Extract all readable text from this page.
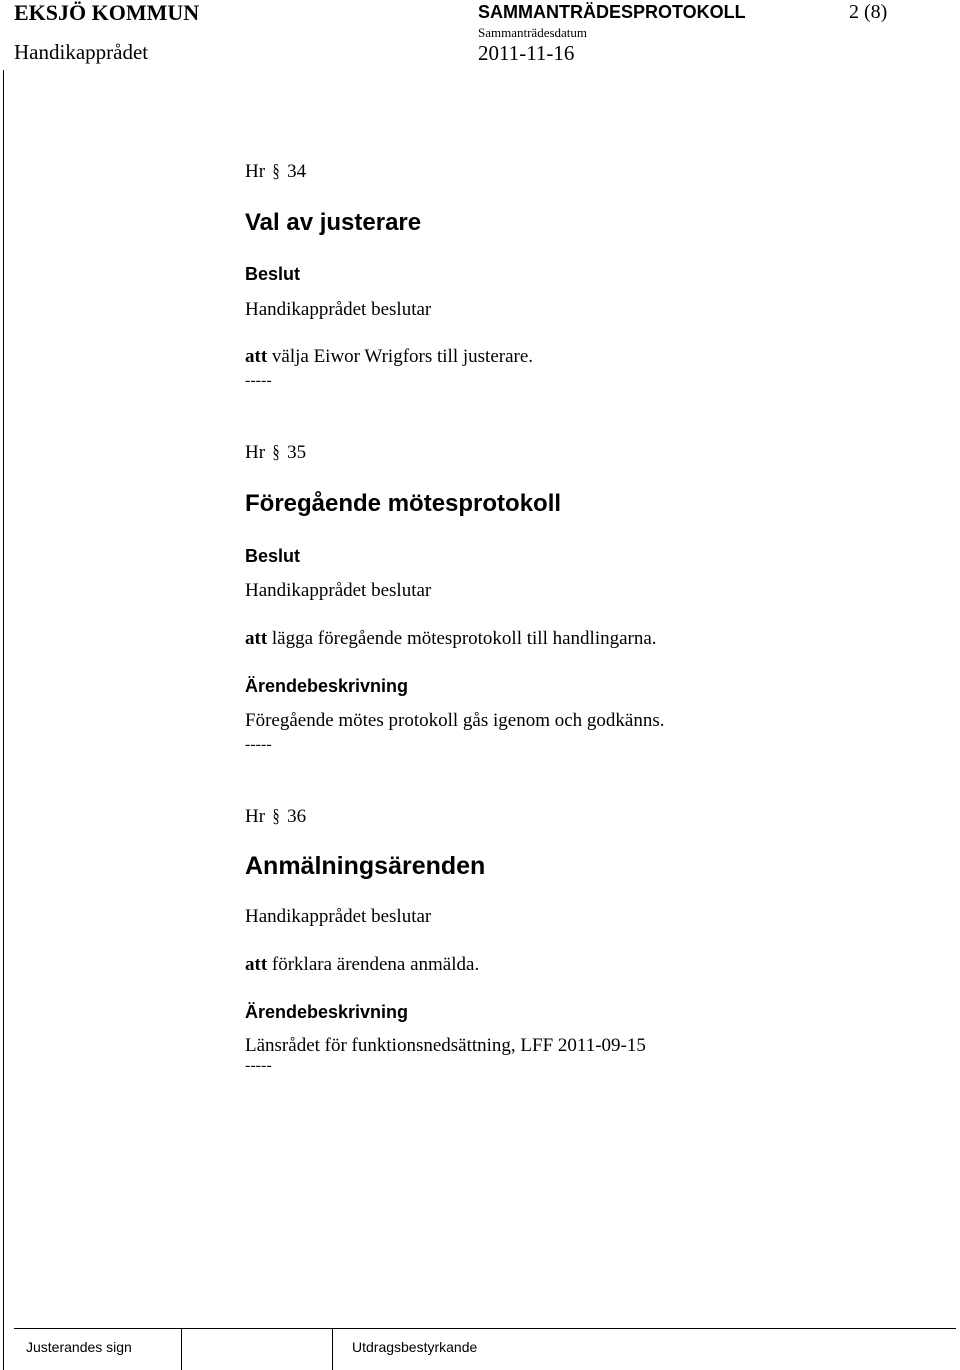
EKSJÖ KOMMUN	SAMMANTRÄDESPROTOKOLL	2 (8)
Handikapprådet
Sammanträdesdatum
2011-11-16
Hr § 34
Val av justerare
Beslut
Handikapprådet beslutar
att välja Eiwor Wrigfors till justerare.
-----
Hr § 35
Föregående mötesprotokoll
Beslut
Handikapprådet beslutar
att lägga föregående mötesprotokoll till handlingarna.
Ärendebeskrivning
Föregående mötes protokoll gås igenom och godkänns.
-----
Hr § 36
Anmälningsärenden
Handikapprådet beslutar
att förklara ärendena anmälda.
Ärendebeskrivning
Länsrådet för funktionsnedsättning, LFF 2011-09-15
-----
Justerandes sign	Utdragsbestyrkande
